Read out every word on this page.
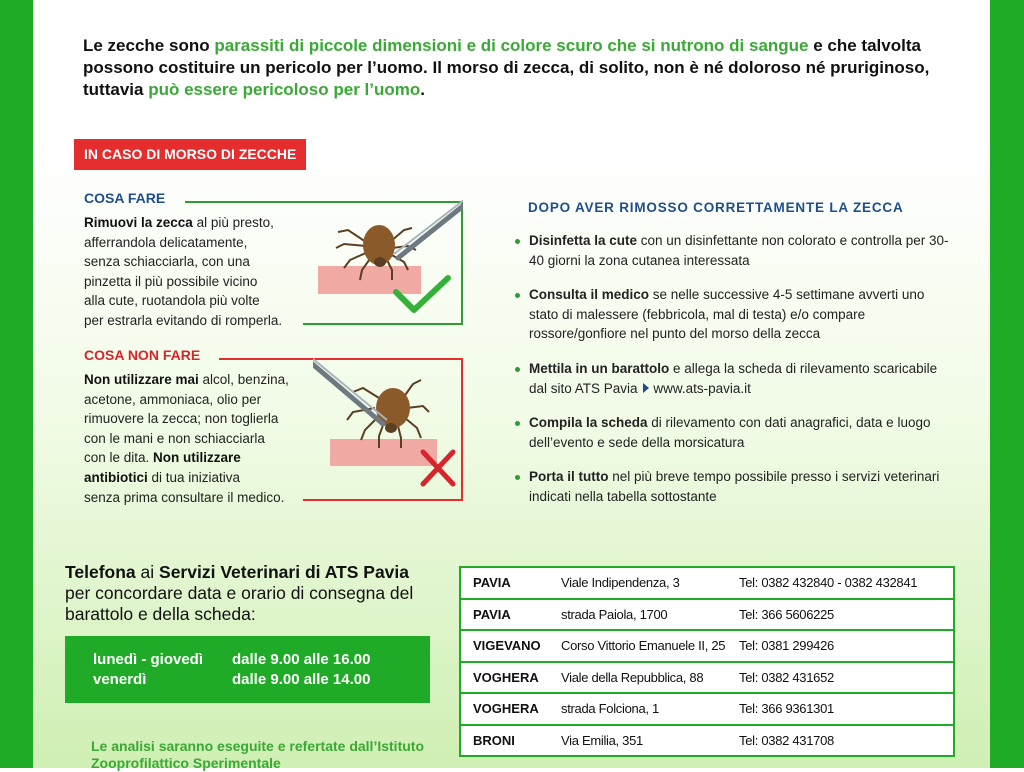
Le zecche sono parassiti di piccole dimensioni e di colore scuro che si nutrono di sangue e che talvolta possono costituire un pericolo per l’uomo. Il morso di zecca, di solito, non è né doloroso né pruriginoso, tuttavia può essere pericoloso per l’uomo.
IN CASO DI MORSO DI ZECCHE
COSA FARE
Rimuovi la zecca al più presto,
afferrandola delicatamente,
senza schiacciarla, con una
pinzetta il più possibile vicino
alla cute, ruotandola più volte
per estrarla evitando di romperla.
COSA NON FARE
Non utilizzare mai alcol, benzina,
acetone, ammoniaca, olio per
rimuovere la zecca; non toglierla
con le mani e non schiacciarla
con le dita. Non utilizzare
antibiotici di tua iniziativa
senza prima consultare il medico.
DOPO AVER RIMOSSO CORRETTAMENTE LA ZECCA
Disinfetta la cute con un disinfettante non colorato e controlla per 30-40 giorni la zona cutanea interessata
Consulta il medico se nelle successive 4-5 settimane avverti uno stato di malessere (febbricola, mal di testa) e/o compare rossore/gonfiore nel punto del morso della zecca
Mettila in un barattolo e allega la scheda di rilevamento scaricabile dal sito ATS Pavia www.ats-pavia.it
Compila la scheda di rilevamento con dati anagrafici, data e luogo dell’evento e sede della morsicatura
Porta il tutto nel più breve tempo possibile presso i servizi veterinari indicati nella tabella sottostante
Telefona ai Servizi Veterinari di ATS Pavia
per concordare data e orario di consegna del barattolo e della scheda:
lunedì - giovedì dalle 9.00 alle 16.00
venerdì	dalle 9.00 alle 14.00
Le analisi saranno eseguite e refertate dall’Istituto Zooprofilattico Sperimentale
PAVIA	Viale Indipendenza, 3	Tel: 0382 432840 - 0382 432841
PAVIA	strada Paiola, 1700	Tel: 366 5606225
VIGEVANO	Corso Vittorio Emanuele II, 25	Tel: 0381 299426
VOGHERA	Viale della Repubblica, 88	Tel: 0382 431652
VOGHERA	strada Folciona, 1	Tel: 366 9361301
BRONI	Via Emilia, 351	Tel: 0382 431708
